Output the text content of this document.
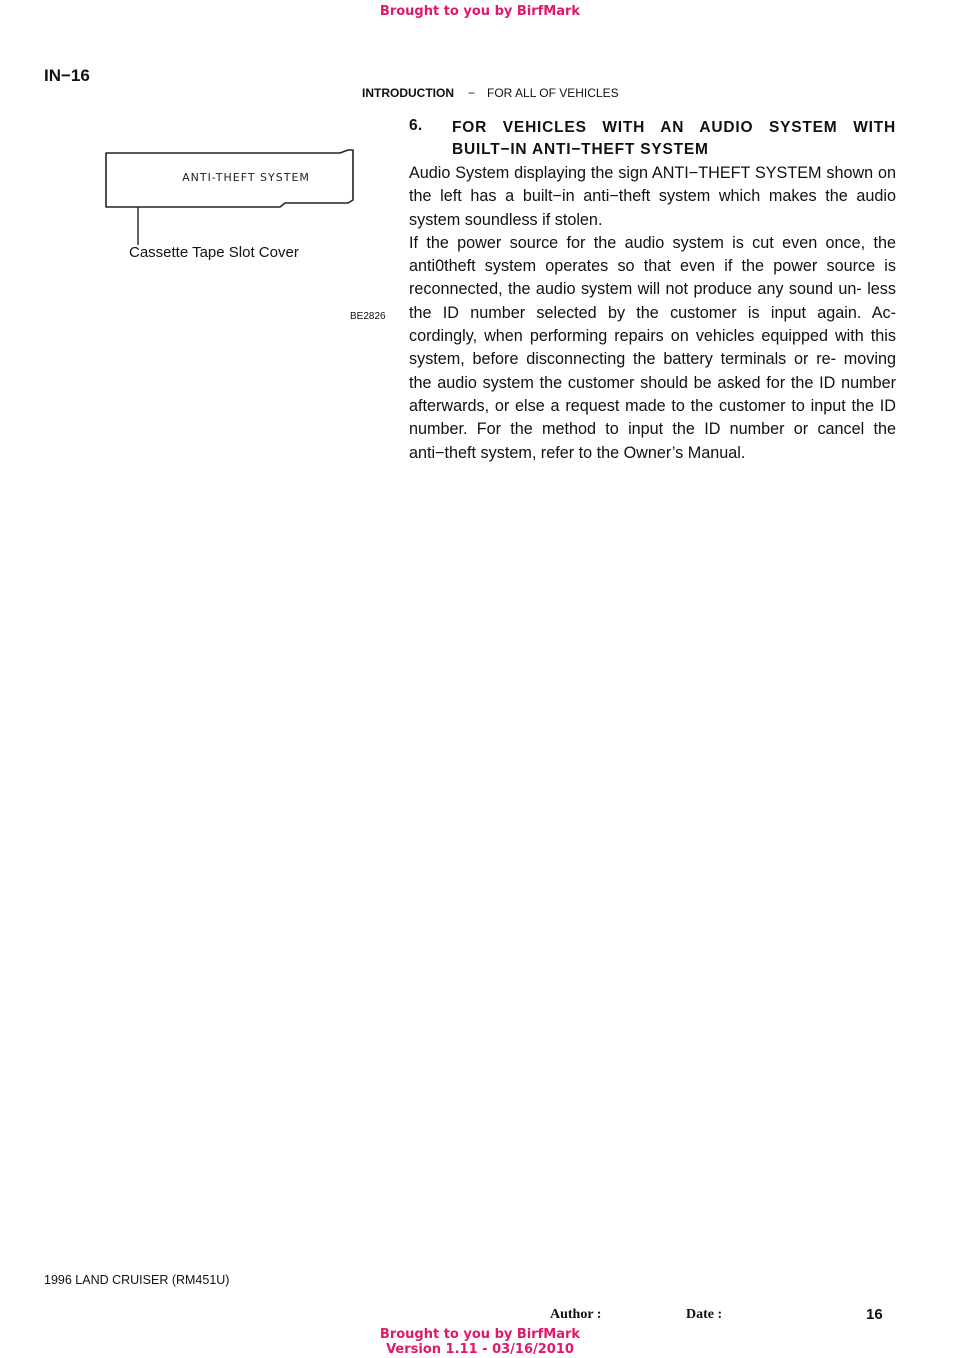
Brought to you by BirfMark
IN−16
INTRODUCTION − FOR ALL OF VEHICLES
ANTI-THEFT SYSTEM
Cassette Tape Slot Cover
BE2826
6. FOR VEHICLES WITH AN AUDIO SYSTEM WITH BUILT−IN ANTI−THEFT SYSTEM

Audio System displaying the sign ANTI−THEFT SYSTEM shown on the left has a built−in anti−theft system which makes the audio system soundless if stolen.

If the power source for the audio system is cut even once, the anti0theft system operates so that even if the power source is reconnected, the audio system will not produce any sound un- less the ID number selected by the customer is input again. Ac- cordingly, when performing repairs on vehicles equipped with this system, before disconnecting the battery terminals or re- moving the audio system the customer should be asked for the ID number afterwards, or else a request made to the customer to input the ID number. For the method to input the ID number or cancel the anti−theft system, refer to the Owner’s Manual.

1996 LAND CRUISER (RM451U)
Author :	Date :	16
Brought to you by BirfMark
Version 1.11 - 03/16/2010
